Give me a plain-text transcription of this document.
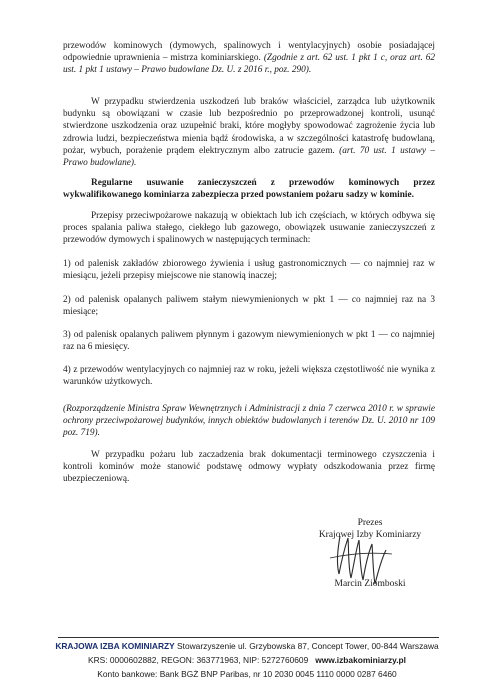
przewodów kominowych (dymowych, spalinowych i wentylacyjnych) osobie posiadającej odpowiednie uprawnienia – mistrza kominiarskiego. (Zgodnie z art. 62 ust. 1 pkt 1 c, oraz art. 62 ust. 1 pkt 1 ustawy – Prawo budowlane Dz. U. z 2016 r., poz. 290).

W przypadku stwierdzenia uszkodzeń lub braków właściciel, zarządca lub użytkownik budynku są obowiązani w czasie lub bezpośrednio po przeprowadzonej kontroli, usunąć stwierdzone uszkodzenia oraz uzupełnić braki, które mogłyby spowodować zagrożenie życia lub zdrowia ludzi, bezpieczeństwa mienia bądź środowiska, a w szczególności katastrofę budowlaną, pożar, wybuch, porażenie prądem elektrycznym albo zatrucie gazem. (art. 70 ust. 1 ustawy – Prawo budowlane).

Regularne usuwanie zanieczyszczeń z przewodów kominowych przez wykwalifikowanego kominiarza zabezpiecza przed powstaniem pożaru sadzy w kominie.

Przepisy przeciwpożarowe nakazują w obiektach lub ich częściach, w których odbywa się proces spalania paliwa stałego, ciekłego lub gazowego, obowiązek usuwanie zanieczyszczeń z przewodów dymowych i spalinowych w następujących terminach:

1) od palenisk zakładów zbiorowego żywienia i usług gastronomicznych — co najmniej raz w miesiącu, jeżeli przepisy miejscowe nie stanowią inaczej;

2) od palenisk opalanych paliwem stałym niewymienionych w pkt 1 — co najmniej raz na 3 miesiące;

3) od palenisk opalanych paliwem płynnym i gazowym niewymienionych w pkt 1 — co najmniej raz na 6 miesięcy.

4) z przewodów wentylacyjnych co najmniej raz w roku, jeżeli większa częstotliwość nie wynika z warunków użytkowych.

(Rozporządzenie Ministra Spraw Wewnętrznych i Administracji z dnia 7 czerwca 2010 r. w sprawie ochrony przeciwpożarowej budynków, innych obiektów budowlanych i terenów Dz. U. 2010 nr 109 poz. 719).

W przypadku pożaru lub zaczadzenia brak dokumentacji terminowego czyszczenia i kontroli kominów może stanowić podstawę odmowy wypłaty odszkodowania przez firmę ubezpieczeniową.

Prezes
Krajowej Izby Kominiarzy
Marcin Ziomboski
KRAJOWA IZBA KOMINIARZY Stowarzyszenie ul. Grzybowska 87, Concept Tower, 00-844 Warszawa
KRS: 0000602882, REGON: 363771963, NIP: 5272760609 www.izbakominiarzy.pl
Konto bankowe: Bank BGŻ BNP Paribas, nr 10 2030 0045 1110 0000 0287 6460
